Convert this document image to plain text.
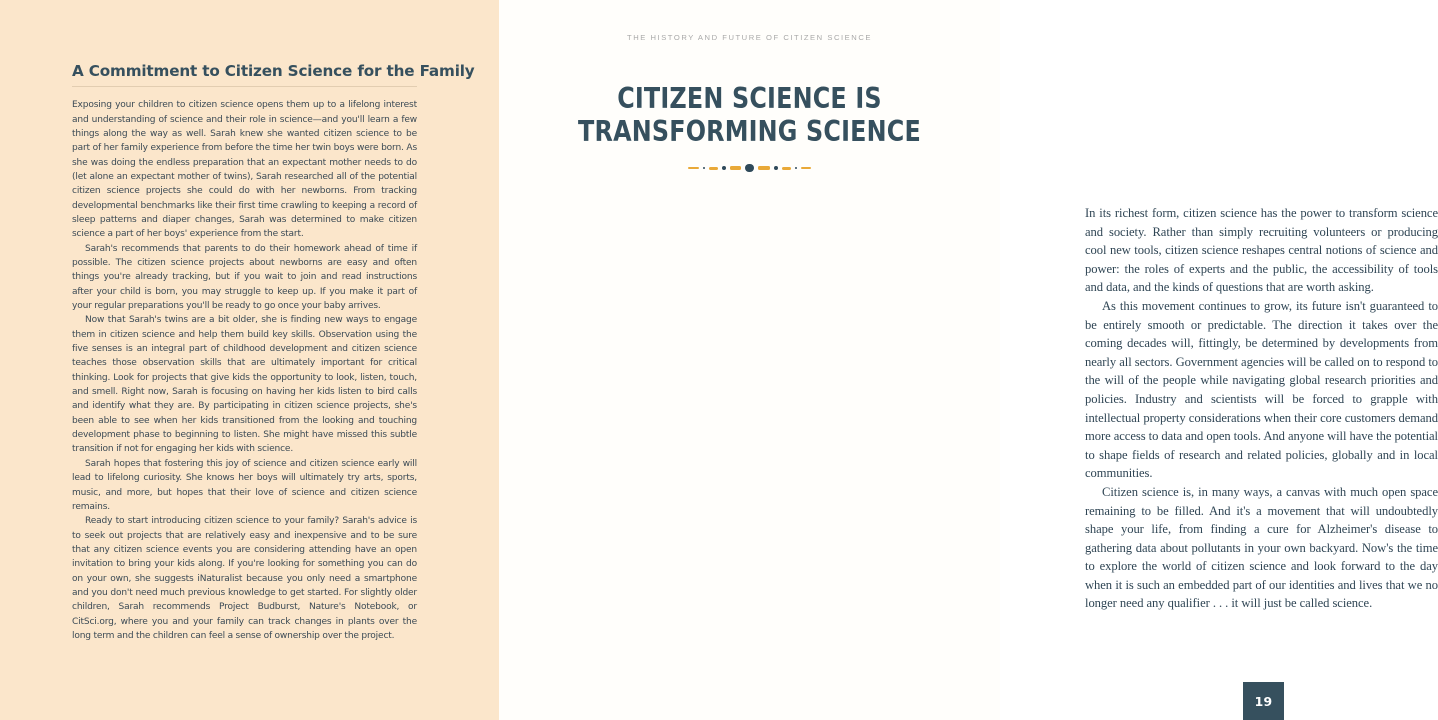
A Commitment to Citizen Science for the Family

Exposing your children to citizen science opens them up to a lifelong interest and understanding of science and their role in science—and you'll learn a few things along the way as well. Sarah knew she wanted citizen science to be part of her family experience from before the time her twin boys were born. As she was doing the endless preparation that an expectant mother needs to do (let alone an expectant mother of twins), Sarah researched all of the potential citizen science projects she could do with her newborns. From tracking developmental benchmarks like their first time crawling to keeping a record of sleep patterns and diaper changes, Sarah was determined to make citizen science a part of her boys' experience from the start.

Sarah's recommends that parents to do their homework ahead of time if possible. The citizen science projects about newborns are easy and often things you're already tracking, but if you wait to join and read instructions after your child is born, you may struggle to keep up. If you make it part of your regular preparations you'll be ready to go once your baby arrives.

Now that Sarah's twins are a bit older, she is finding new ways to engage them in citizen science and help them build key skills. Observation using the five senses is an integral part of childhood development and citizen science teaches those observation skills that are ultimately important for critical thinking. Look for projects that give kids the opportunity to look, listen, touch, and smell. Right now, Sarah is focusing on having her kids listen to bird calls and identify what they are. By participating in citizen science projects, she's been able to see when her kids transitioned from the looking and touching development phase to beginning to listen. She might have missed this subtle transition if not for engaging her kids with science.

Sarah hopes that fostering this joy of science and citizen science early will lead to lifelong curiosity. She knows her boys will ultimately try arts, sports, music, and more, but hopes that their love of science and citizen science remains.

Ready to start introducing citizen science to your family? Sarah's advice is to seek out projects that are relatively easy and inexpensive and to be sure that any citizen science events you are considering attending have an open invitation to bring your kids along. If you're looking for something you can do on your own, she suggests iNaturalist because you only need a smartphone and you don't need much previous knowledge to get started. For slightly older children, Sarah recommends Project Budburst, Nature's Notebook, or CitSci.org, where you and your family can track changes in plants over the long term and the children can feel a sense of ownership over the project.

THE HISTORY AND FUTURE OF CITIZEN SCIENCE
CITIZEN SCIENCE IS
TRANSFORMING SCIENCE

In its richest form, citizen science has the power to transform science and society. Rather than simply recruiting volunteers or producing cool new tools, citizen science reshapes central notions of science and power: the roles of experts and the public, the accessibility of tools and data, and the kinds of questions that are worth asking.

As this movement continues to grow, its future isn't guaranteed to be entirely smooth or predictable. The direction it takes over the coming decades will, fittingly, be determined by developments from nearly all sectors. Government agencies will be called on to respond to the will of the people while navigating global research priorities and policies. Industry and scientists will be forced to grapple with intellectual property considerations when their core customers demand more access to data and open tools. And anyone will have the potential to shape fields of research and related policies, globally and in local communities.

Citizen science is, in many ways, a canvas with much open space remaining to be filled. And it's a movement that will undoubtedly shape your life, from finding a cure for Alzheimer's disease to gathering data about pollutants in your own backyard. Now's the time to explore the world of citizen science and look forward to the day when it is such an embedded part of our identities and lives that we no longer need any qualifier . . . it will just be called science.

19
